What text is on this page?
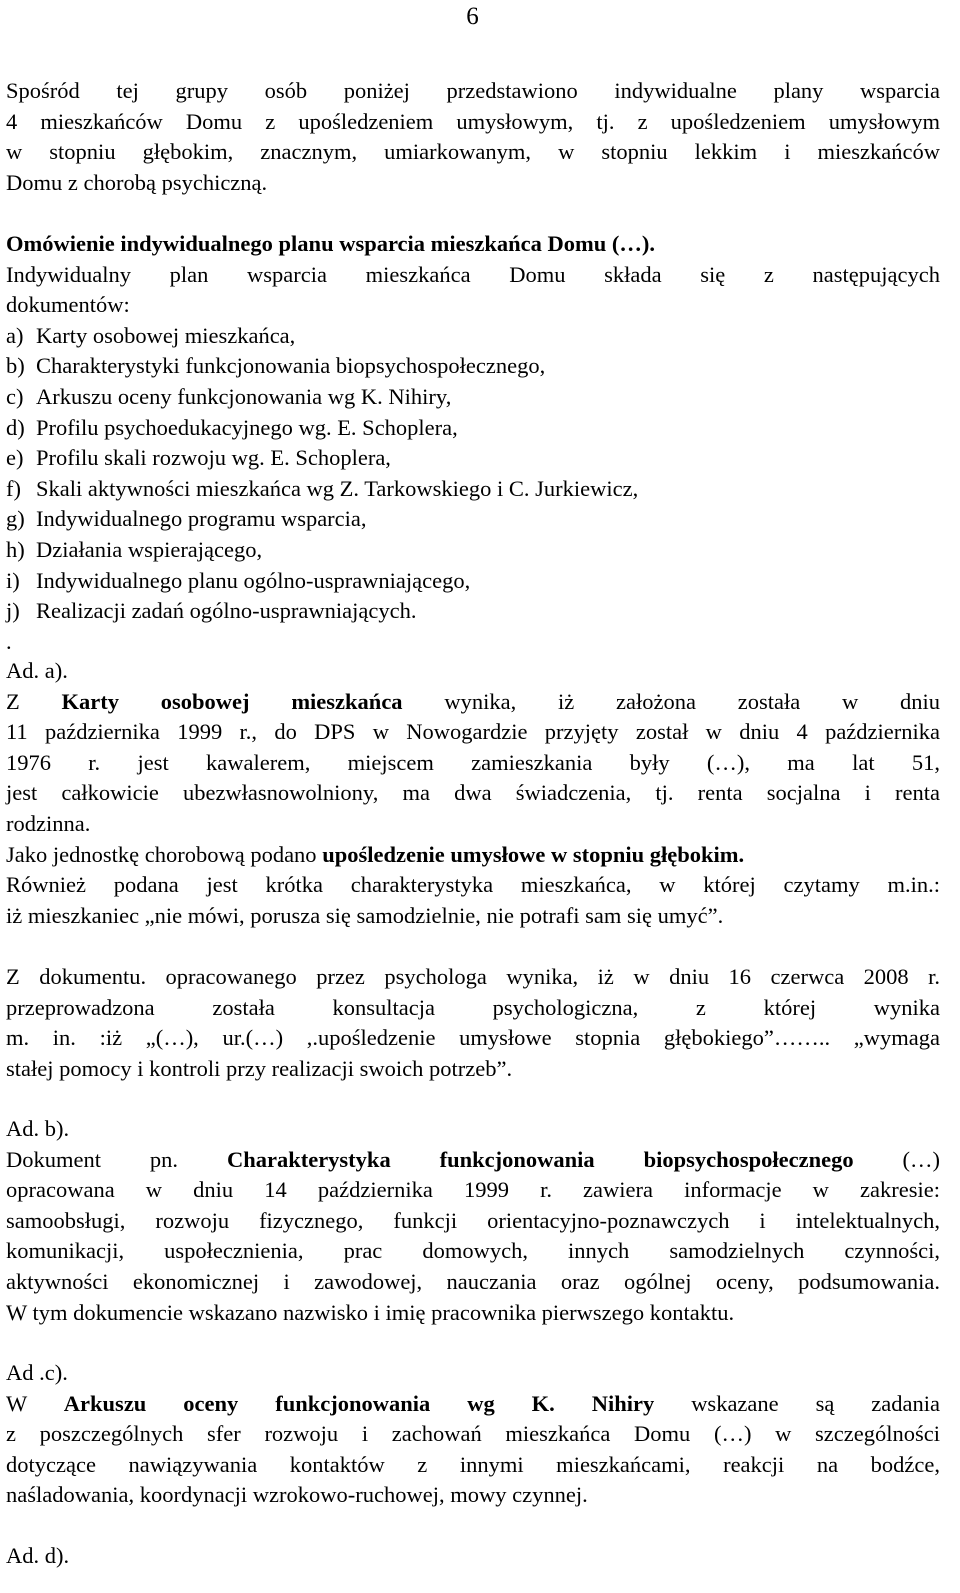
6
Spośród tej grupy osób poniżej przedstawiono indywidualne plany wsparcia
4 mieszkańców Domu z upośledzeniem umysłowym, tj. z upośledzeniem umysłowym
w stopniu głębokim, znacznym, umiarkowanym, w stopniu lekkim i mieszkańców
Domu z chorobą psychiczną.
Omówienie indywidualnego planu wsparcia mieszkańca Domu (…).
Indywidualny plan wsparcia mieszkańca Domu składa się z następujących
dokumentów:
a) Karty osobowej mieszkańca,
b) Charakterystyki funkcjonowania biopsychospołecznego,
c) Arkuszu oceny funkcjonowania wg K. Nihiry,
d) Profilu psychoedukacyjnego wg. E. Schoplera,
e) Profilu skali rozwoju wg. E. Schoplera,
f) Skali aktywności mieszkańca wg Z. Tarkowskiego i C. Jurkiewicz,
g) Indywidualnego programu wsparcia,
h) Działania wspierającego,
i) Indywidualnego planu ogólno-usprawniającego,
j) Realizacji zadań ogólno-usprawniających.
.
Ad. a).
Z Karty osobowej mieszkańca wynika, iż założona została w dniu
11 października 1999 r., do DPS w Nowogardzie przyjęty został w dniu 4 października
1976 r. jest kawalerem, miejscem zamieszkania były (…), ma lat 51,
jest całkowicie ubezwłasnowolniony, ma dwa świadczenia, tj. renta socjalna i renta
rodzinna.
Jako jednostkę chorobową podano upośledzenie umysłowe w stopniu głębokim.
Również podana jest krótka charakterystyka mieszkańca, w której czytamy m.in.:
iż mieszkaniec „nie mówi, porusza się samodzielnie, nie potrafi sam się umyć”.
Z dokumentu. opracowanego przez psychologa wynika, iż w dniu 16 czerwca 2008 r.
przeprowadzona została konsultacja psychologiczna, z której wynika
m. in. :iż „(…), ur.(…) ,.upośledzenie umysłowe stopnia głębokiego”…….. „wymaga
stałej pomocy i kontroli przy realizacji swoich potrzeb”.
Ad. b).
Dokument pn. Charakterystyka funkcjonowania biopsychospołecznego (…)
opracowana w dniu 14 października 1999 r. zawiera informacje w zakresie:
samoobsługi, rozwoju fizycznego, funkcji orientacyjno-poznawczych i intelektualnych,
komunikacji, uspołecznienia, prac domowych, innych samodzielnych czynności,
aktywności ekonomicznej i zawodowej, nauczania oraz ogólnej oceny, podsumowania.
W tym dokumencie wskazano nazwisko i imię pracownika pierwszego kontaktu.
Ad .c).
W Arkuszu oceny funkcjonowania wg K. Nihiry wskazane są zadania
z poszczególnych sfer rozwoju i zachowań mieszkańca Domu (…) w szczególności
dotyczące nawiązywania kontaktów z innymi mieszkańcami, reakcji na bodźce,
naśladowania, koordynacji wzrokowo-ruchowej, mowy czynnej.
Ad. d).
